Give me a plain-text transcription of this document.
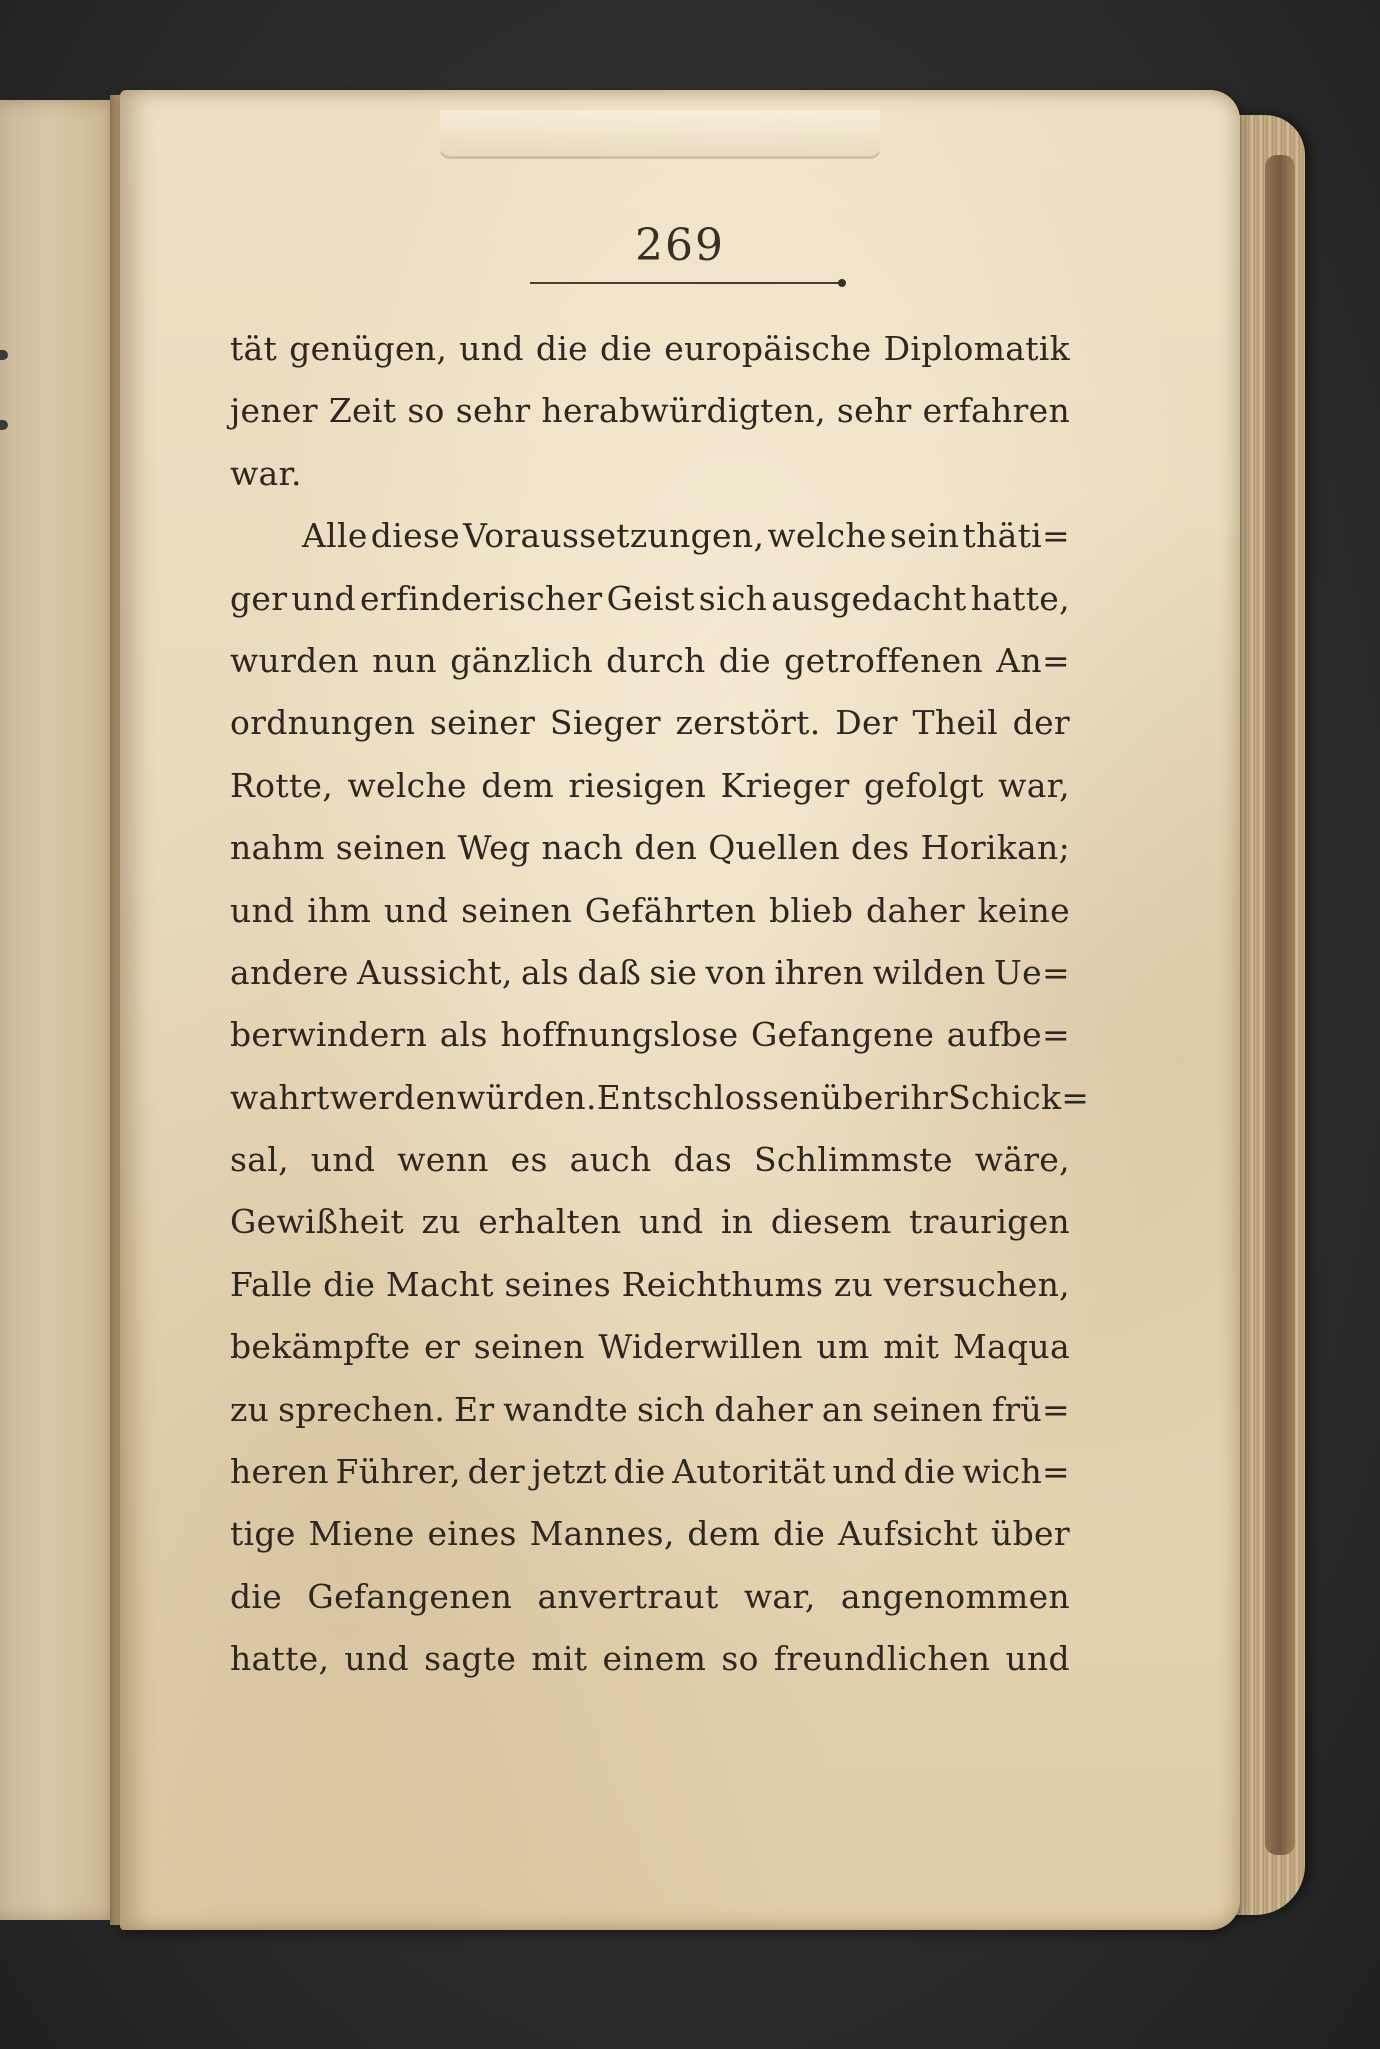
269
tät genügen, und die die europäische Diplomatik
jener Zeit so sehr herabwürdigten, sehr erfahren
war.
Alle diese Voraussetzungen, welche sein thäti=
ger und erfinderischer Geist sich ausgedacht hatte,
wurden nun gänzlich durch die getroffenen An=
ordnungen seiner Sieger zerstört. Der Theil der
Rotte, welche dem riesigen Krieger gefolgt war,
nahm seinen Weg nach den Quellen des Horikan;
und ihm und seinen Gefährten blieb daher keine
andere Aussicht, als daß sie von ihren wilden Ue=
berwindern als hoffnungslose Gefangene aufbe=
wahrt werden würden. Entschlossen über ihr Schick=
sal, und wenn es auch das Schlimmste wäre,
Gewißheit zu erhalten und in diesem traurigen
Falle die Macht seines Reichthums zu versuchen,
bekämpfte er seinen Widerwillen um mit Maqua
zu sprechen. Er wandte sich daher an seinen frü=
heren Führer, der jetzt die Autorität und die wich=
tige Miene eines Mannes, dem die Aufsicht über
die Gefangenen anvertraut war, angenommen
hatte, und sagte mit einem so freundlichen und
